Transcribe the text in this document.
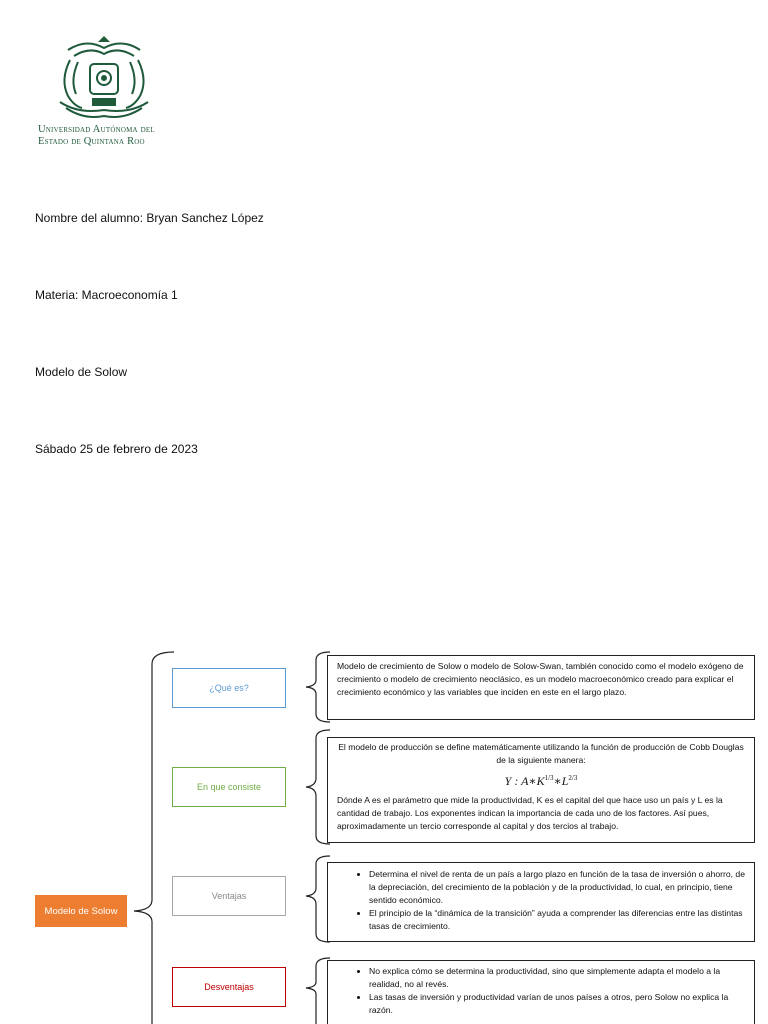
Universidad Autónoma del
Estado de Quintana Roo
Nombre del alumno: Bryan Sanchez López
Materia: Macroeconomía 1
Modelo de Solow
Sábado 25 de febrero de 2023
Modelo de Solow
¿Qué es?
En que consiste
Ventajas
Desventajas

Modelo de crecimiento de Solow o modelo de Solow-Swan, también conocido como el modelo exógeno de crecimiento o modelo de crecimiento neoclásico, es un modelo macroeconómico creado para explicar el crecimiento económico y las variables que inciden en este en el largo plazo.

El modelo de producción se define matemáticamente utilizando la función de producción de Cobb Douglas de la siguiente manera:

Y : $A∗K^{1/3}∗L^{2/3}$

Dónde A es el parámetro que mide la productividad, K es el capital del que hace uso un país y L es la cantidad de trabajo. Los exponentes indican la importancia de cada uno de los factores. Así pues, aproximadamente un tercio corresponde al capital y dos tercios al trabajo.

• Determina el nivel de renta de un país a largo plazo en función de la tasa de inversión o ahorro, de la depreciación, del crecimiento de la población y de la productividad, lo cual, en principio, tiene sentido económico.
• El principio de la “dinámica de la transición” ayuda a comprender las diferencias entre las distintas tasas de crecimiento.
• No explica cómo se determina la productividad, sino que simplemente adapta el modelo a la realidad, no al revés.
• Las tasas de inversión y productividad varían de unos países a otros, pero Solow no explica la razón.
